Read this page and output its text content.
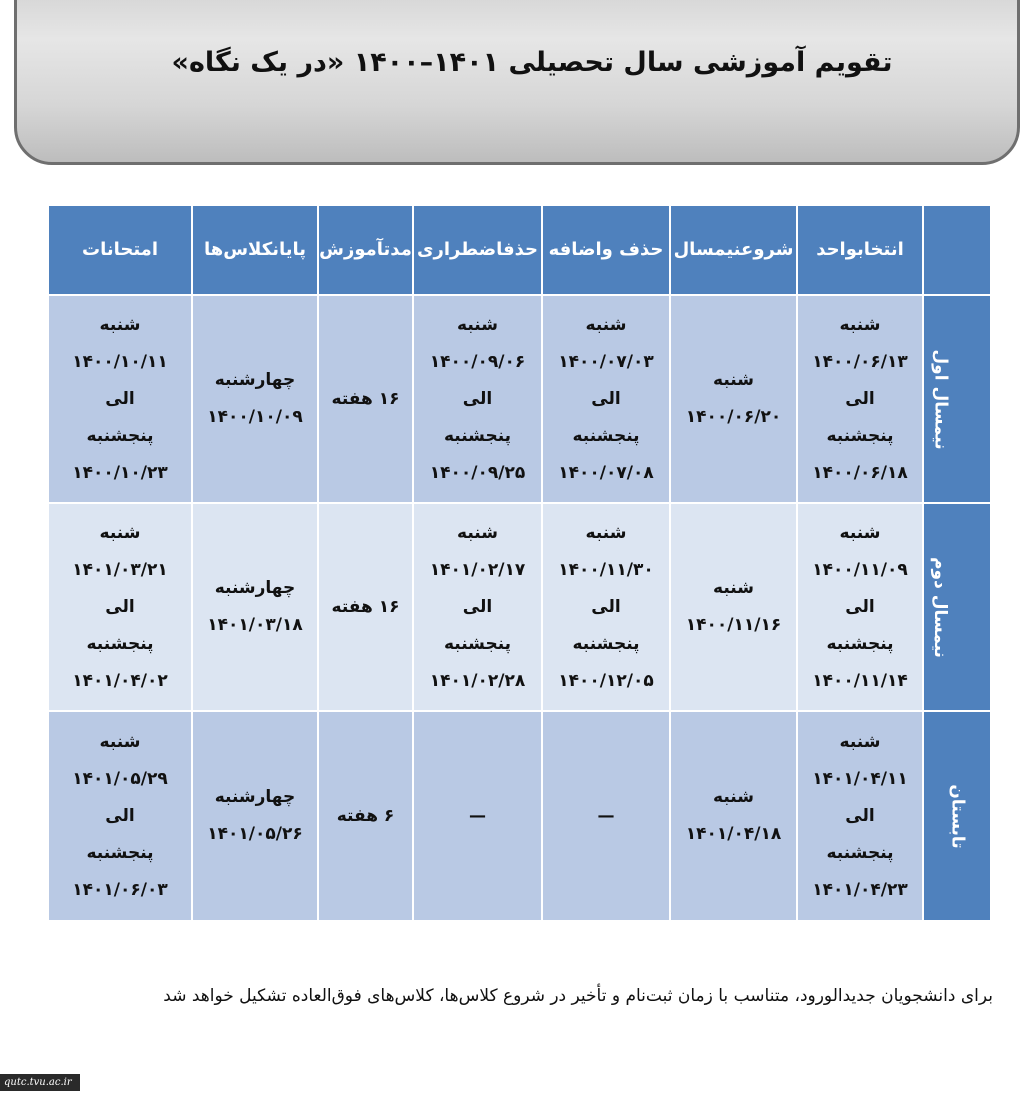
تقویم آموزشی سال تحصیلی ۱۴۰۱–۱۴۰۰ «در یک نگاه»
	انتخابواحد	شروعنیمسال	حذف واضافه	حذفاضطراری	مدتآموزش	پایانکلاس‌ها	امتحانات
نیمسال اول	شنبه
۱۴۰۰/۰۶/۱۳
الی
پنجشنبه
۱۴۰۰/۰۶/۱۸	شنبه
۱۴۰۰/۰۶/۲۰	شنبه
۱۴۰۰/۰۷/۰۳
الی
پنجشنبه
۱۴۰۰/۰۷/۰۸	شنبه
۱۴۰۰/۰۹/۰۶
الی
پنجشنبه
۱۴۰۰/۰۹/۲۵	۱۶ هفته	چهارشنبه
۱۴۰۰/۱۰/۰۹	شنبه
۱۴۰۰/۱۰/۱۱
الی
پنجشنبه
۱۴۰۰/۱۰/۲۳

نیمسال دوم	شنبه
۱۴۰۰/۱۱/۰۹
الی
پنجشنبه
۱۴۰۰/۱۱/۱۴	شنبه
۱۴۰۰/۱۱/۱۶	شنبه
۱۴۰۰/۱۱/۳۰
الی
پنجشنبه
۱۴۰۰/۱۲/۰۵	شنبه
۱۴۰۱/۰۲/۱۷
الی
پنجشنبه
۱۴۰۱/۰۲/۲۸	۱۶ هفته	چهارشنبه
۱۴۰۱/۰۳/۱۸	شنبه
۱۴۰۱/۰۳/۲۱
الی
پنجشنبه
۱۴۰۱/۰۴/۰۲

تابستان	شنبه
۱۴۰۱/۰۴/۱۱
الی
پنجشنبه
۱۴۰۱/۰۴/۲۳	شنبه
۱۴۰۱/۰۴/۱۸	—	—	۶ هفته	چهارشنبه
۱۴۰۱/۰۵/۲۶	شنبه
۱۴۰۱/۰۵/۲۹
الی
پنجشنبه
۱۴۰۱/۰۶/۰۳
برای دانشجویان جدیدالورود، متناسب با زمان ثبت‌نام و تأخیر در شروع کلاس‌ها، کلاس‌های فوق‌العاده تشکیل خواهد شد
qutc.tvu.ac.ir
